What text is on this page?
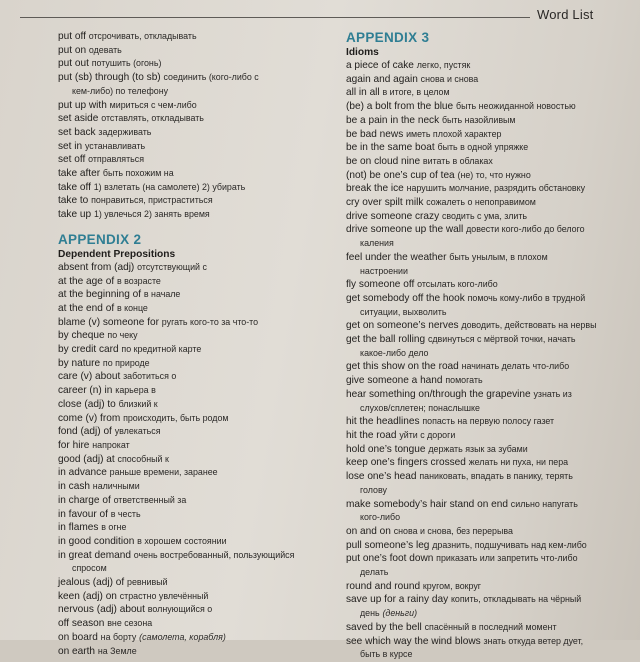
Word List
put off отсрочивать, откладывать
put on одевать
put out потушить (огонь)
put (sb) through (to sb) соединить (кого-либо с
кем-либо) по телефону
put up with мириться с чем-либо
set aside отставлять, откладывать
set back задерживать
set in устанавливать
set off отправляться
take after быть похожим на
take off 1) взлетать (на самолете) 2) убирать
take to понравиться, пристраститься
take up 1) увлечься 2) занять время
APPENDIX 2
Dependent Prepositions
absent from (adj) отсутствующий с
at the age of в возрасте
at the beginning of в начале
at the end of в конце
blame (v) someone for ругать кого-то за что-то
by cheque по чеку
by credit card по кредитной карте
by nature по природе
care (v) about заботиться о
career (n) in карьера в
close (adj) to близкий к
come (v) from происходить, быть родом
fond (adj) of увлекаться
for hire напрокат
good (adj) at способный к
in advance раньше времени, заранее
in cash наличными
in charge of ответственный за
in favour of в честь
in flames в огне
in good condition в хорошем состоянии
in great demand очень востребованный, пользующийся
спросом
jealous (adj) of ревнивый
keen (adj) on страстно увлечённый
nervous (adj) about волнующийся о
off season вне сезона
on board на борту (самолета, корабля)
on earth на Земле
APPENDIX 3
Idioms
a piece of cake легко, пустяк
again and again снова и снова
all in all в итоге, в целом
(be) a bolt from the blue быть неожиданной новостью
be a pain in the neck быть назойливым
be bad news иметь плохой характер
be in the same boat быть в одной упряжке
be on cloud nine витать в облаках
(not) be one’s cup of tea (не) то, что нужно
break the ice нарушить молчание, разрядить обстановку
cry over spilt milk сожалеть о непоправимом
drive someone crazy сводить с ума, злить
drive someone up the wall довести кого-либо до белого
каления
feel under the weather быть унылым, в плохом
настроении
fly someone off отсылать кого-либо
get somebody off the hook помочь кому-либо в трудной
ситуации, выхволить
get on someone’s nerves доводить, действовать на нервы
get the ball rolling сдвинуться с мёртвой точки, начать
какое-либо дело
get this show on the road начинать делать что-либо
give someone a hand помогать
hear something on/through the grapevine узнать из
слухов/сплетен; понаслышке
hit the headlines попасть на первую полосу газет
hit the road уйти с дороги
hold one’s tongue держать язык за зубами
keep one’s fingers crossed желать ни пуха, ни пера
lose one’s head паниковать, впадать в панику, терять
голову
make somebody’s hair stand on end сильно напугать
кого-либо
on and on снова и снова, без перерыва
pull someone’s leg дразнить, подшучивать над кем-либо
put one’s foot down приказать или запретить что-либо
делать
round and round кругом, вокруг
save up for a rainy day копить, откладывать на чёрный
день (деньги)
saved by the bell спасённый в последний момент
see which way the wind blows знать откуда ветер дует,
быть в курсе
